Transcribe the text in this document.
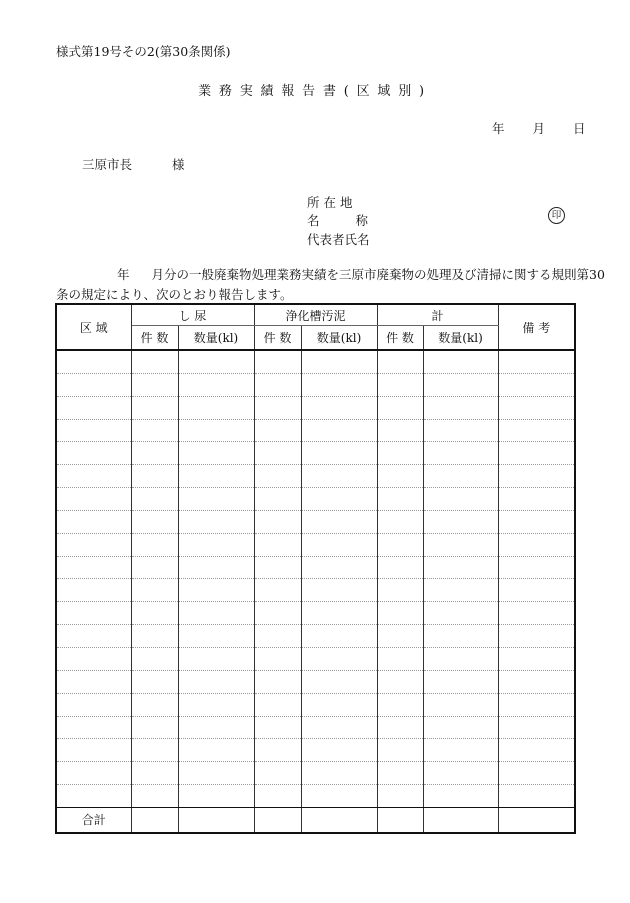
様式第19号その2(第30条関係)
業務実績報告書(区域別)
年 月 日
三原市長	様
所 在 地
名 称
代表者氏名
印
年 月分の一般廃棄物処理業務実績を三原市廃棄物の処理及び清掃に関する規則第30
条の規定により、次のとおり報告します。
区 域	し 尿		浄化槽汚泥		計		備 考
	件 数	数量(kl)	件 数	数量(kl)	件 数	数量(kl)	

合計							
